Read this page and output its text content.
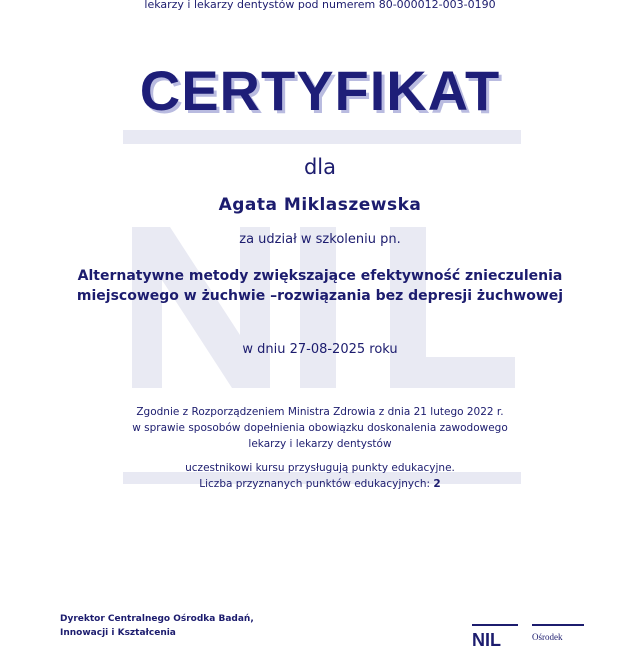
lekarzy i lekarzy dentystów pod numerem 80-000012-003-0190
CERTYFIKAT
dla
Agata Miklaszewska
za udział w szkoleniu pn.
Alternatywne metody zwiększające efektywność znieczulenia
miejscowego w żuchwie –rozwiązania bez depresji żuchwowej
w dniu 27-08-2025 roku
Zgodnie z Rozporządzeniem Ministra Zdrowia z dnia 21 lutego 2022 r.
w sprawie sposobów dopełnienia obowiązku doskonalenia zawodowego
lekarzy i lekarzy dentystów
uczestnikowi kursu przysługują punkty edukacyjne.
Liczba przyznanych punktów edukacyjnych: 2
Dyrektor Centralnego Ośrodka Badań,
Innowacji i Kształcenia	NIL	Ośrodek
